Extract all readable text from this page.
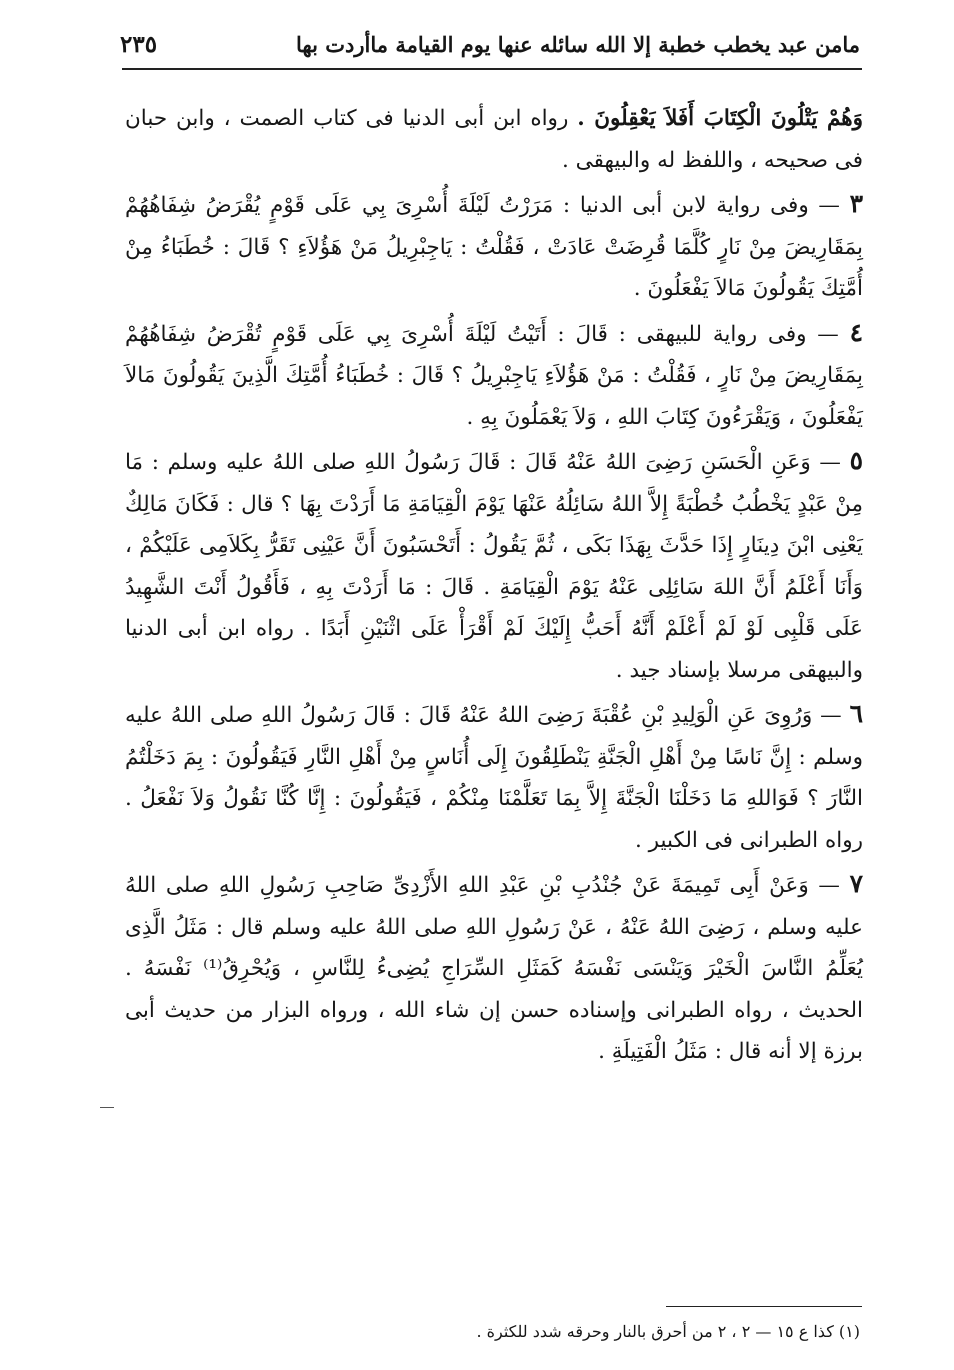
مامن عبد يخطب خطبة إلا الله سائله عنها يوم القيامة ماأردت بها
٢٣٥

وَهُمْ يَتْلُونَ الْكِتَابَ أَفَلاَ يَعْقِلُونَ . رواه ابن أبى الدنيا فى كتاب الصمت ، وابن حبان فى صحيحه ، واللفظ له والبيهقى .

٣ — وفى رواية لابن أبى الدنيا : مَرَرْتُ لَيْلَةَ أُسْرِىَ بِي عَلَى قَوْمٍ يُقْرَضُ شِفَاهُهُمْ بِمَقَارِيضَ مِنْ نَارٍ كُلَّمَا قُرِضَتْ عَادَتْ ، فَقُلْتُ : يَاجِبْرِيلُ مَنْ هَؤُلاَءِ ؟ قَالَ : خُطَبَاءُ مِنْ أُمَّتِكَ يَقُولُونَ مَالاَ يَفْعَلُونَ .

٤ — وفى رواية للبيهقى : قَالَ : أَتَيْتُ لَيْلَةَ أُسْرِىَ بِي عَلَى قَوْمٍ تُقْرَضُ شِفَاهُهُمْ بِمَقَارِيضَ مِنْ نَارٍ ، فَقُلْتُ : مَنْ هَؤُلاَءِ يَاجِبْرِيلُ ؟ قَالَ : خُطَبَاءُ أُمَّتِكَ الَّذِينَ يَقُولُونَ مَالاَ يَفْعَلُونَ ، وَيَقْرَءُونَ كِتَابَ اللهِ ، وَلاَ يَعْمَلُونَ بِهِ .

٥ — وَعَنِ الْحَسَنِ رَضِىَ اللهُ عَنْهُ قَالَ : قَالَ رَسُولُ اللهِ صلى اللهُ عليه وسلم : مَا مِنْ عَبْدٍ يَخْطُبُ خُطْبَةً إِلاَّ اللهُ سَائِلُهُ عَنْهَا يَوْمَ الْقِيَامَةِ مَا أَرَدْتَ بِهَا ؟ قال : فَكَانَ مَالِكٌ يَعْنِى ابْنَ دِينَارٍ إِذَا حَدَّثَ بِهَذَا بَكَى ، ثُمَّ يَقُولُ : أَتَحْسَبُونَ أَنَّ عَيْنِى تَقَرُّ بِكَلاَمِى عَلَيْكُمْ ، وَأَنَا أَعْلَمُ أَنَّ اللهَ سَائِلِى عَنْهُ يَوْمَ الْقِيَامَةِ . قَالَ : مَا أَرَدْتَ بِهِ ، فَأَقُولُ أَنْتَ الشَّهِيدُ عَلَى قَلْبِى لَوْ لَمْ أَعْلَمْ أَنَّهُ أَحَبُّ إِلَيْكَ لَمْ أَقْرَأْ عَلَى اثْنَيْنِ أَبَدًا . رواه ابن أبى الدنيا والبيهقى مرسلا بإسناد جيد .

٦ — وَرُوِىَ عَنِ الْوَلِيدِ بْنِ عُقْبَةَ رَضِىَ اللهُ عَنْهُ قَالَ : قَالَ رَسُولُ اللهِ صلى اللهُ عليه وسلم : إِنَّ نَاسًا مِنْ أَهْلِ الْجَنَّةِ يَنْطَلِقُونَ إِلَى أُنَاسٍ مِنْ أَهْلِ النَّارِ فَيَقُولُونَ : بِمَ دَخَلْتُمُ النَّارَ ؟ فَوَاللهِ مَا دَخَلْنَا الْجَنَّةَ إِلاَّ بِمَا تَعَلَّمْنَا مِنْكُمْ ، فَيَقُولُونَ : إِنَّا كُنَّا نَقُولُ وَلاَ نَفْعَلُ . رواه الطبرانى فى الكبير .

٧ — وَعَنْ أَبِى تَمِيمَةَ عَنْ جُنْدُبِ بْنِ عَبْدِ اللهِ الأَزْدِىِّ صَاحِبِ رَسُولِ اللهِ صلى اللهُ عليه وسلم ، رَضِىَ اللهُ عَنْهُ ، عَنْ رَسُولِ اللهِ صلى اللهُ عليه وسلم قال : مَثَلُ الَّذِى يُعَلِّمُ النَّاسَ الْخَيْرَ وَيَنْسَى نَفْسَهُ كَمَثَلِ السِّرَاجِ يُضِىءُ لِلنَّاسِ ، وَيُحْرِقُ⁽¹⁾ نَفْسَهُ . الحديث ، رواه الطبرانى وإسناده حسن إن شاء الله ، ورواه البزار من حديث أبى برزة إلا أنه قال : مَثَلُ الْفَتِيلَةِ .

(١) كذا ع ١٥ — ٢ ، ٢ من أحرق بالنار وحرقه شدد للكثرة .
